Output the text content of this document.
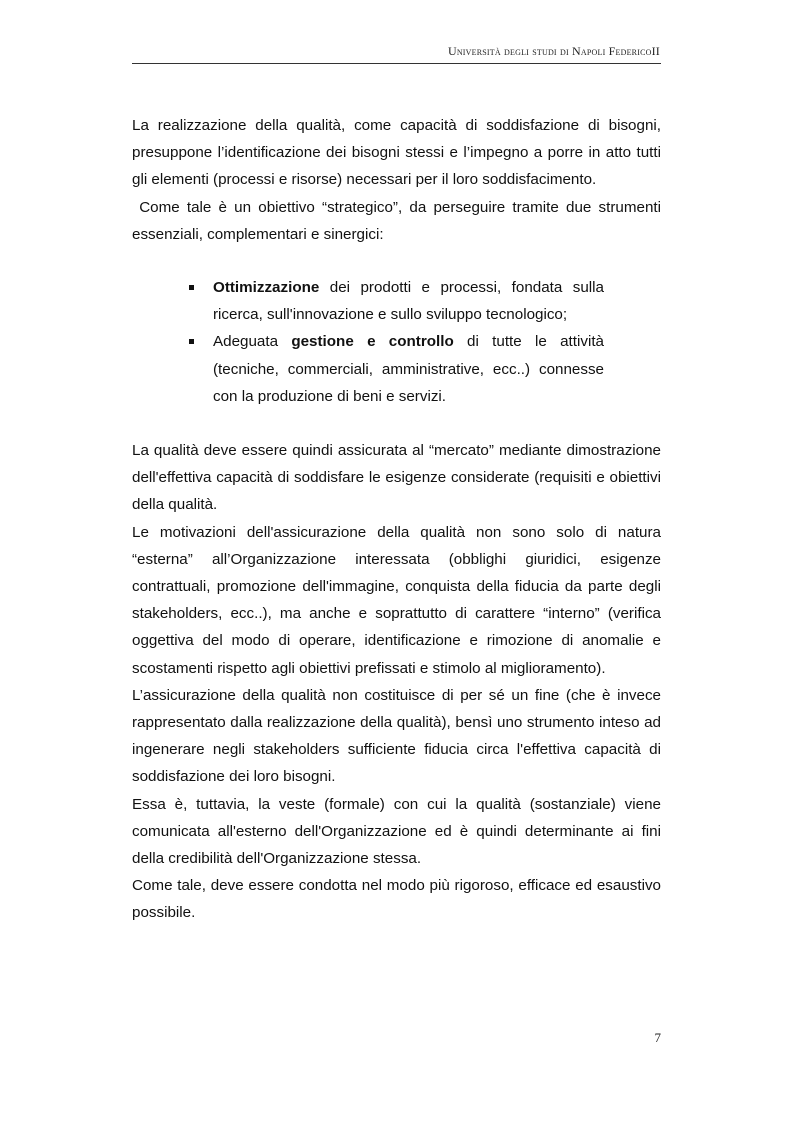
Università degli studi di Napoli FedericoII

La realizzazione della qualità, come capacità di soddisfazione di bisogni, presuppone l’identificazione dei bisogni stessi e l’impegno a porre in atto tutti gli elementi (processi e risorse) necessari per il loro soddisfacimento.

Come tale è un obiettivo “strategico”, da perseguire tramite due strumenti essenziali, complementari e sinergici:

Ottimizzazione dei prodotti e processi, fondata sulla ricerca, sull'innovazione e sullo sviluppo tecnologico;
Adeguata gestione e controllo di tutte le attività (tecniche, commerciali, amministrative, ecc..) connesse con la produzione di beni e servizi.

La qualità deve essere quindi assicurata al “mercato” mediante dimostrazione dell'effettiva capacità di soddisfare le esigenze considerate (requisiti e obiettivi della qualità.

Le motivazioni dell'assicurazione della qualità non sono solo di natura “esterna” all’Organizzazione interessata (obblighi giuridici, esigenze contrattuali, promozione dell'immagine, conquista della fiducia da parte degli stakeholders, ecc..), ma anche e soprattutto di carattere “interno” (verifica oggettiva del modo di operare, identificazione e rimozione di anomalie e scostamenti rispetto agli obiettivi prefissati e stimolo al miglioramento).

L’assicurazione della qualità non costituisce di per sé un fine (che è invece rappresentato dalla realizzazione della qualità), bensì uno strumento inteso ad ingenerare negli stakeholders sufficiente fiducia circa l'effettiva capacità di soddisfazione dei loro bisogni.

Essa è, tuttavia, la veste (formale) con cui la qualità (sostanziale) viene comunicata all'esterno dell'Organizzazione ed è quindi determinante ai fini della credibilità dell'Organizzazione stessa.

Come tale, deve essere condotta nel modo più rigoroso, efficace ed esaustivo possibile.

7
